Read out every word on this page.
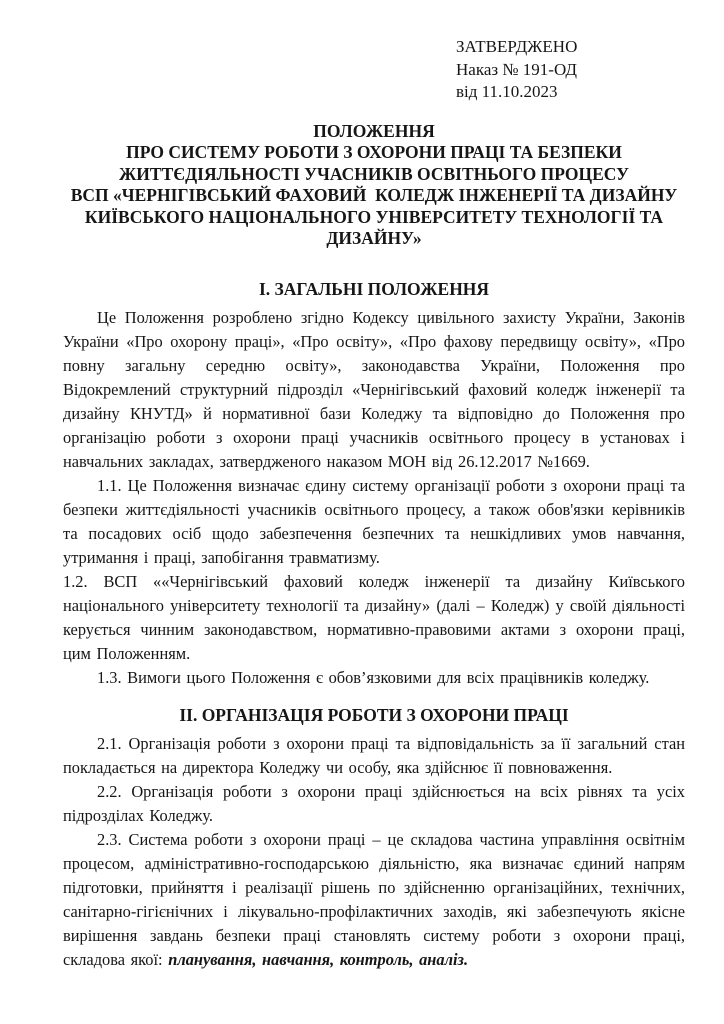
ЗАТВЕРДЖЕНО
Наказ № 191-ОД
від 11.10.2023
ПОЛОЖЕННЯ
ПРО СИСТЕМУ РОБОТИ З ОХОРОНИ ПРАЦІ ТА БЕЗПЕКИ
ЖИТТЄДІЯЛЬНОСТІ УЧАСНИКІВ ОСВІТНЬОГО ПРОЦЕСУ
ВСП «ЧЕРНІГІВСЬКИЙ ФАХОВИЙ  КОЛЕДЖ ІНЖЕНЕРІЇ ТА ДИЗАЙНУ
КИЇВСЬКОГО НАЦІОНАЛЬНОГО УНІВЕРСИТЕТУ ТЕХНОЛОГІЇ ТА
ДИЗАЙНУ»
І. ЗАГАЛЬНІ ПОЛОЖЕННЯ

Це Положення розроблено згідно Кодексу цивільного захисту України, Законів України «Про охорону праці», «Про освіту», «Про фахову передвищу освіту», «Про повну загальну середню освіту», законодавства України, Положення про Відокремлений структурний підрозділ «Чернігівський фаховий коледж інженерії та дизайну КНУТД» й нормативної бази Коледжу та відповідно до Положення про організацію роботи з охорони праці учасників освітнього процесу в установах і навчальних закладах, затвердженого наказом МОН від 26.12.2017 №1669.

1.1. Це Положення визначає єдину систему організації роботи з охорони праці та безпеки життєдіяльності учасників освітнього процесу, а також обов'язки керівників та посадових осіб щодо забезпечення безпечних та нешкідливих умов навчання, утримання і праці, запобігання травматизму.

1.2. ВСП ««Чернігівський фаховий коледж інженерії та дизайну Київського національного університету технології та дизайну» (далі – Коледж) у своїй діяльності керується чинним законодавством, нормативно-правовими актами з охорони праці, цим Положенням.

1.3. Вимоги цього Положення є обов’язковими для всіх працівників коледжу.

ІІ. ОРГАНІЗАЦІЯ РОБОТИ З ОХОРОНИ ПРАЦІ

2.1. Організація роботи з охорони праці та відповідальність за її загальний стан покладається на директора Коледжу чи особу, яка здійснює її повноваження.

2.2. Організація роботи з охорони праці здійснюється на всіх рівнях та усіх підрозділах Коледжу.

2.3. Система роботи з охорони праці – це складова частина управління освітнім процесом, адміністративно-господарською діяльністю, яка визначає єдиний напрям підготовки, прийняття і реалізації рішень по здійсненню організаційних, технічних, санітарно-гігієнічних і лікувально-профілактичних заходів, які забезпечують якісне вирішення завдань безпеки праці становлять систему роботи з охорони праці, складова якої: планування, навчання, контроль, аналіз.
